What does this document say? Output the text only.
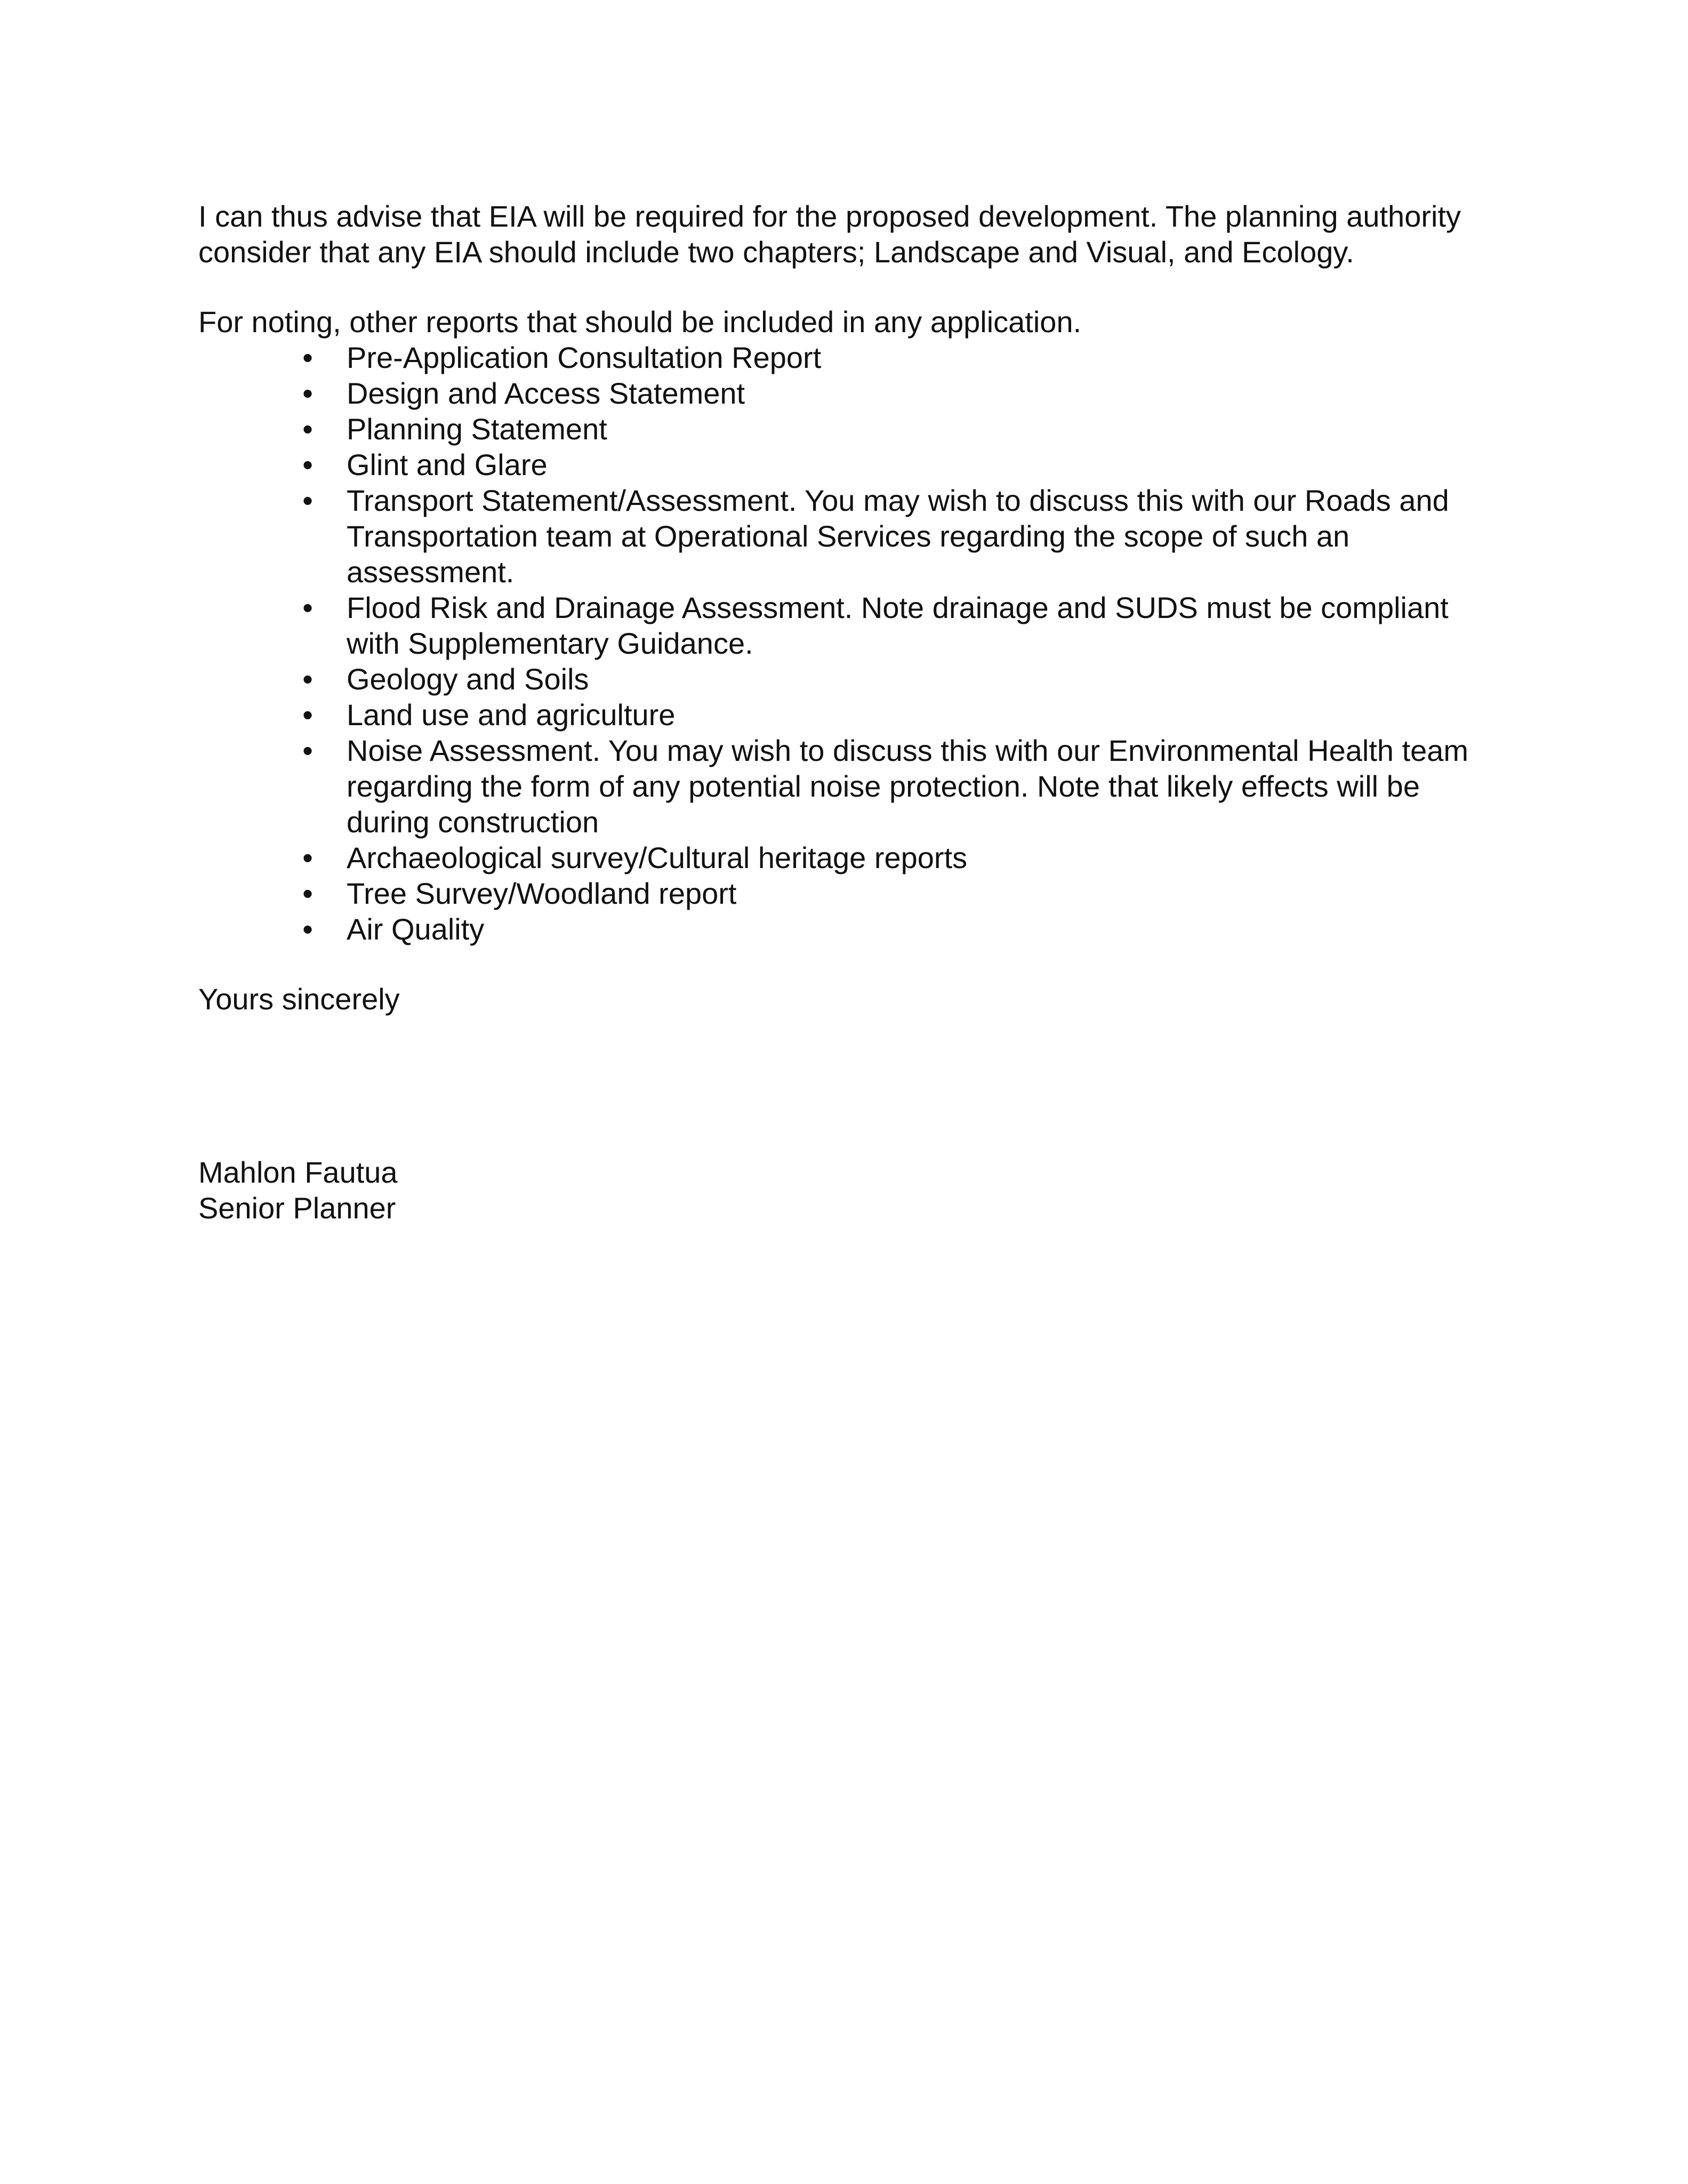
I can thus advise that EIA will be required for the proposed development. The planning authority consider that any EIA should include two chapters; Landscape and Visual, and Ecology.

For noting, other reports that should be included in any application.

• Pre-Application Consultation Report
• Design and Access Statement
• Planning Statement
• Glint and Glare
• Transport Statement/Assessment. You may wish to discuss this with our Roads and Transportation team at Operational Services regarding the scope of such an assessment.
• Flood Risk and Drainage Assessment. Note drainage and SUDS must be compliant with Supplementary Guidance.
• Geology and Soils
• Land use and agriculture
• Noise Assessment. You may wish to discuss this with our Environmental Health team regarding the form of any potential noise protection. Note that likely effects will be during construction
• Archaeological survey/Cultural heritage reports
• Tree Survey/Woodland report
• Air Quality

Yours sincerely

Mahlon Fautua

Senior Planner
